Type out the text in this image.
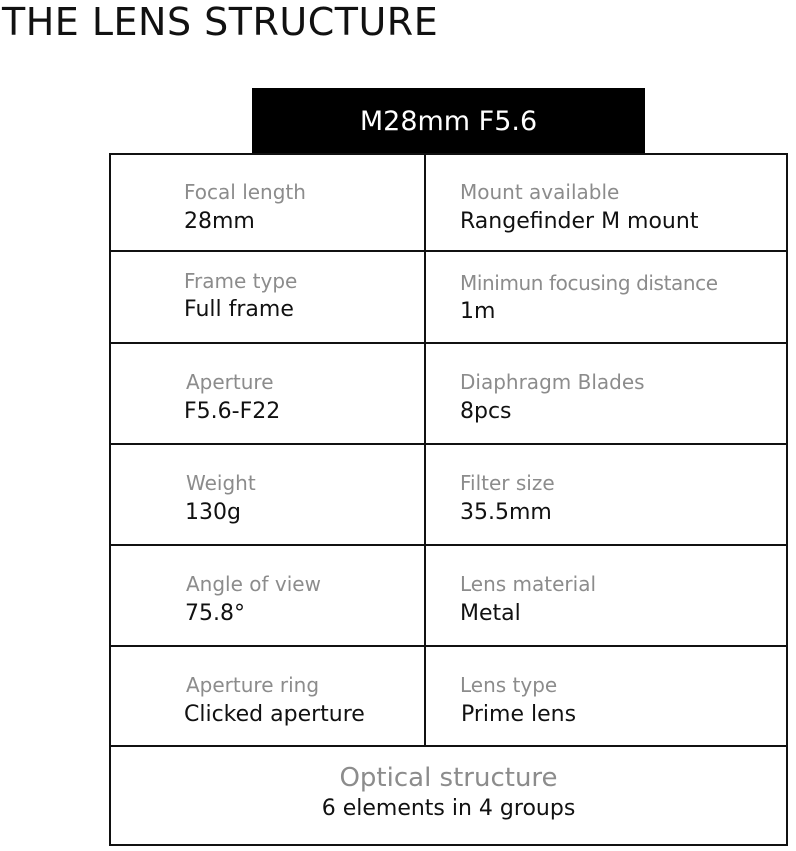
THE LENS STRUCTURE
M28mm F5.6
Focal length
28mm
Mount available
Rangefinder M mount
Frame type
Full frame
Minimun focusing distance
1m
Aperture
F5.6-F22
Diaphragm Blades
8pcs
Weight
130g
Filter size
35.5mm
Angle of view
75.8°
Lens material
Metal
Aperture ring
Clicked aperture
Lens type
Prime lens
Optical structure
6 elements in 4 groups
